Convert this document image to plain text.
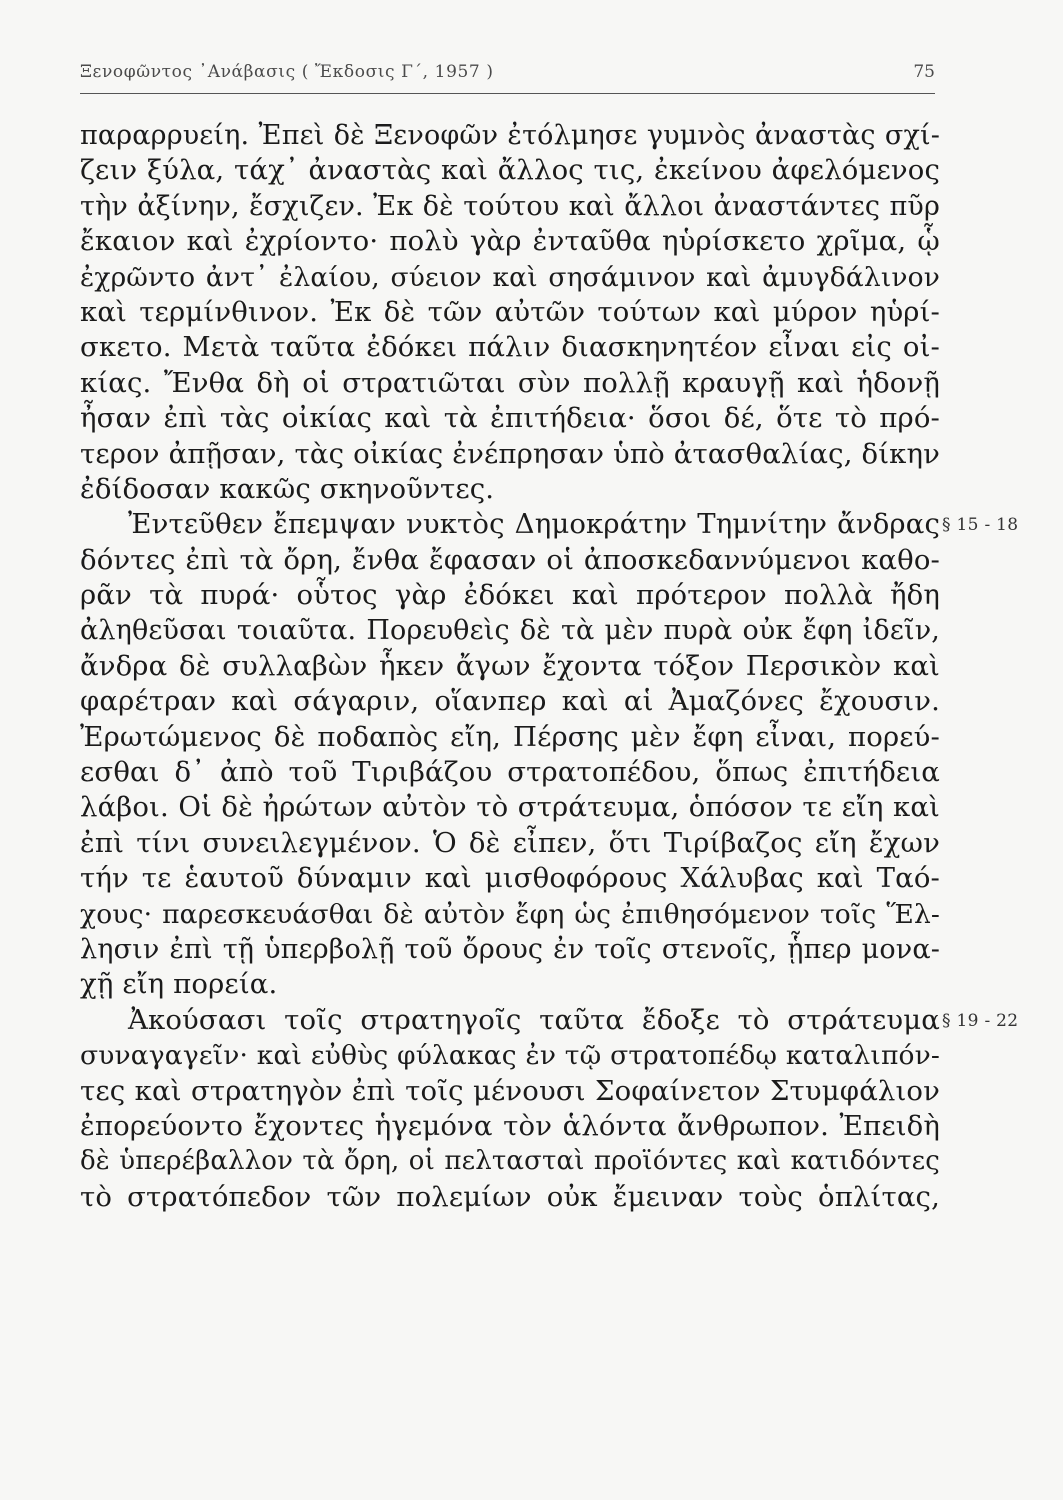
Ξενοφῶντος ᾽Ανάβασις ( Ἔκδοσις Γ΄, 1957 )	75
παραρρυείη. Ἐπεὶ δὲ Ξενοφῶν ἐτόλμησε γυμνὸς ἀναστὰς σχί-
ζειν ξύλα, τάχ᾽ ἀναστὰς καὶ ἄλλος τις, ἐκείνου ἀφελόμενος
τὴν ἀξίνην, ἔσχιζεν. Ἐκ δὲ τούτου καὶ ἄλλοι ἀναστάντες πῦρ
ἔκαιον καὶ ἐχρίοντο· πολὺ γὰρ ἐνταῦθα ηὑρίσκετο χρῖμα, ᾧ
ἐχρῶντο ἀντ᾽ ἐλαίου, σύειον καὶ σησάμινον καὶ ἀμυγδάλινον
καὶ τερμίνθινον. Ἐκ δὲ τῶν αὐτῶν τούτων καὶ μύρον ηὑρί-
σκετο. Μετὰ ταῦτα ἐδόκει πάλιν διασκηνητέον εἶναι εἰς οἰ-
κίας. Ἔνθα δὴ οἱ στρατιῶται σὺν πολλῇ κραυγῇ καὶ ἡδονῇ
ἦσαν ἐπὶ τὰς οἰκίας καὶ τὰ ἐπιτήδεια· ὅσοι δέ, ὅτε τὸ πρό-
τερον ἀπῇσαν, τὰς οἰκίας ἐνέπρησαν ὑπὸ ἀτασθαλίας, δίκην
ἐδίδοσαν κακῶς σκηνοῦντες.
Ἐντεῦθεν ἔπεμψαν νυκτὸς Δημοκράτην Τημνίτην ἄνδρας § 15 - 18
δόντες ἐπὶ τὰ ὄρη, ἔνθα ἔφασαν οἱ ἀποσκεδαννύμενοι καθο-
ρᾶν τὰ πυρά· οὗτος γὰρ ἐδόκει καὶ πρότερον πολλὰ ἤδη
ἀληθεῦσαι τοιαῦτα. Πορευθεὶς δὲ τὰ μὲν πυρὰ οὐκ ἔφη ἰδεῖν,
ἄνδρα δὲ συλλαβὼν ἧκεν ἄγων ἔχοντα τόξον Περσικὸν καὶ
φαρέτραν καὶ σάγαριν, οἵανπερ καὶ αἱ Ἀμαζόνες ἔχουσιν.
Ἐρωτώμενος δὲ ποδαπὸς εἴη, Πέρσης μὲν ἔφη εἶναι, πορεύ-
εσθαι δ᾽ ἀπὸ τοῦ Τιριβάζου στρατοπέδου, ὅπως ἐπιτήδεια
λάβοι. Οἱ δὲ ἠρώτων αὐτὸν τὸ στράτευμα, ὁπόσον τε εἴη καὶ
ἐπὶ τίνι συνειλεγμένον. Ὁ δὲ εἶπεν, ὅτι Τιρίβαζος εἴη ἔχων
τήν τε ἑαυτοῦ δύναμιν καὶ μισθοφόρους Χάλυβας καὶ Ταό-
χους· παρεσκευάσθαι δὲ αὐτὸν ἔφη ὡς ἐπιθησόμενον τοῖς Ἕλ-
λησιν ἐπὶ τῇ ὑπερβολῇ τοῦ ὄρους ἐν τοῖς στενοῖς, ᾗπερ μονα-
χῇ εἴη πορεία.
Ἀκούσασι τοῖς στρατηγοῖς ταῦτα ἔδοξε τὸ στράτευμα § 19 - 22
συναγαγεῖν· καὶ εὐθὺς φύλακας ἐν τῷ στρατοπέδῳ καταλιπόν-
τες καὶ στρατηγὸν ἐπὶ τοῖς μένουσι Σοφαίνετον Στυμφάλιον
ἐπορεύοντο ἔχοντες ἡγεμόνα τὸν ἁλόντα ἄνθρωπον. Ἐπειδὴ
δὲ ὑπερέβαλλον τὰ ὄρη, οἱ πελτασταὶ προϊόντες καὶ κατιδόντες
τὸ στρατόπεδον τῶν πολεμίων οὐκ ἔμειναν τοὺς ὁπλίτας,
